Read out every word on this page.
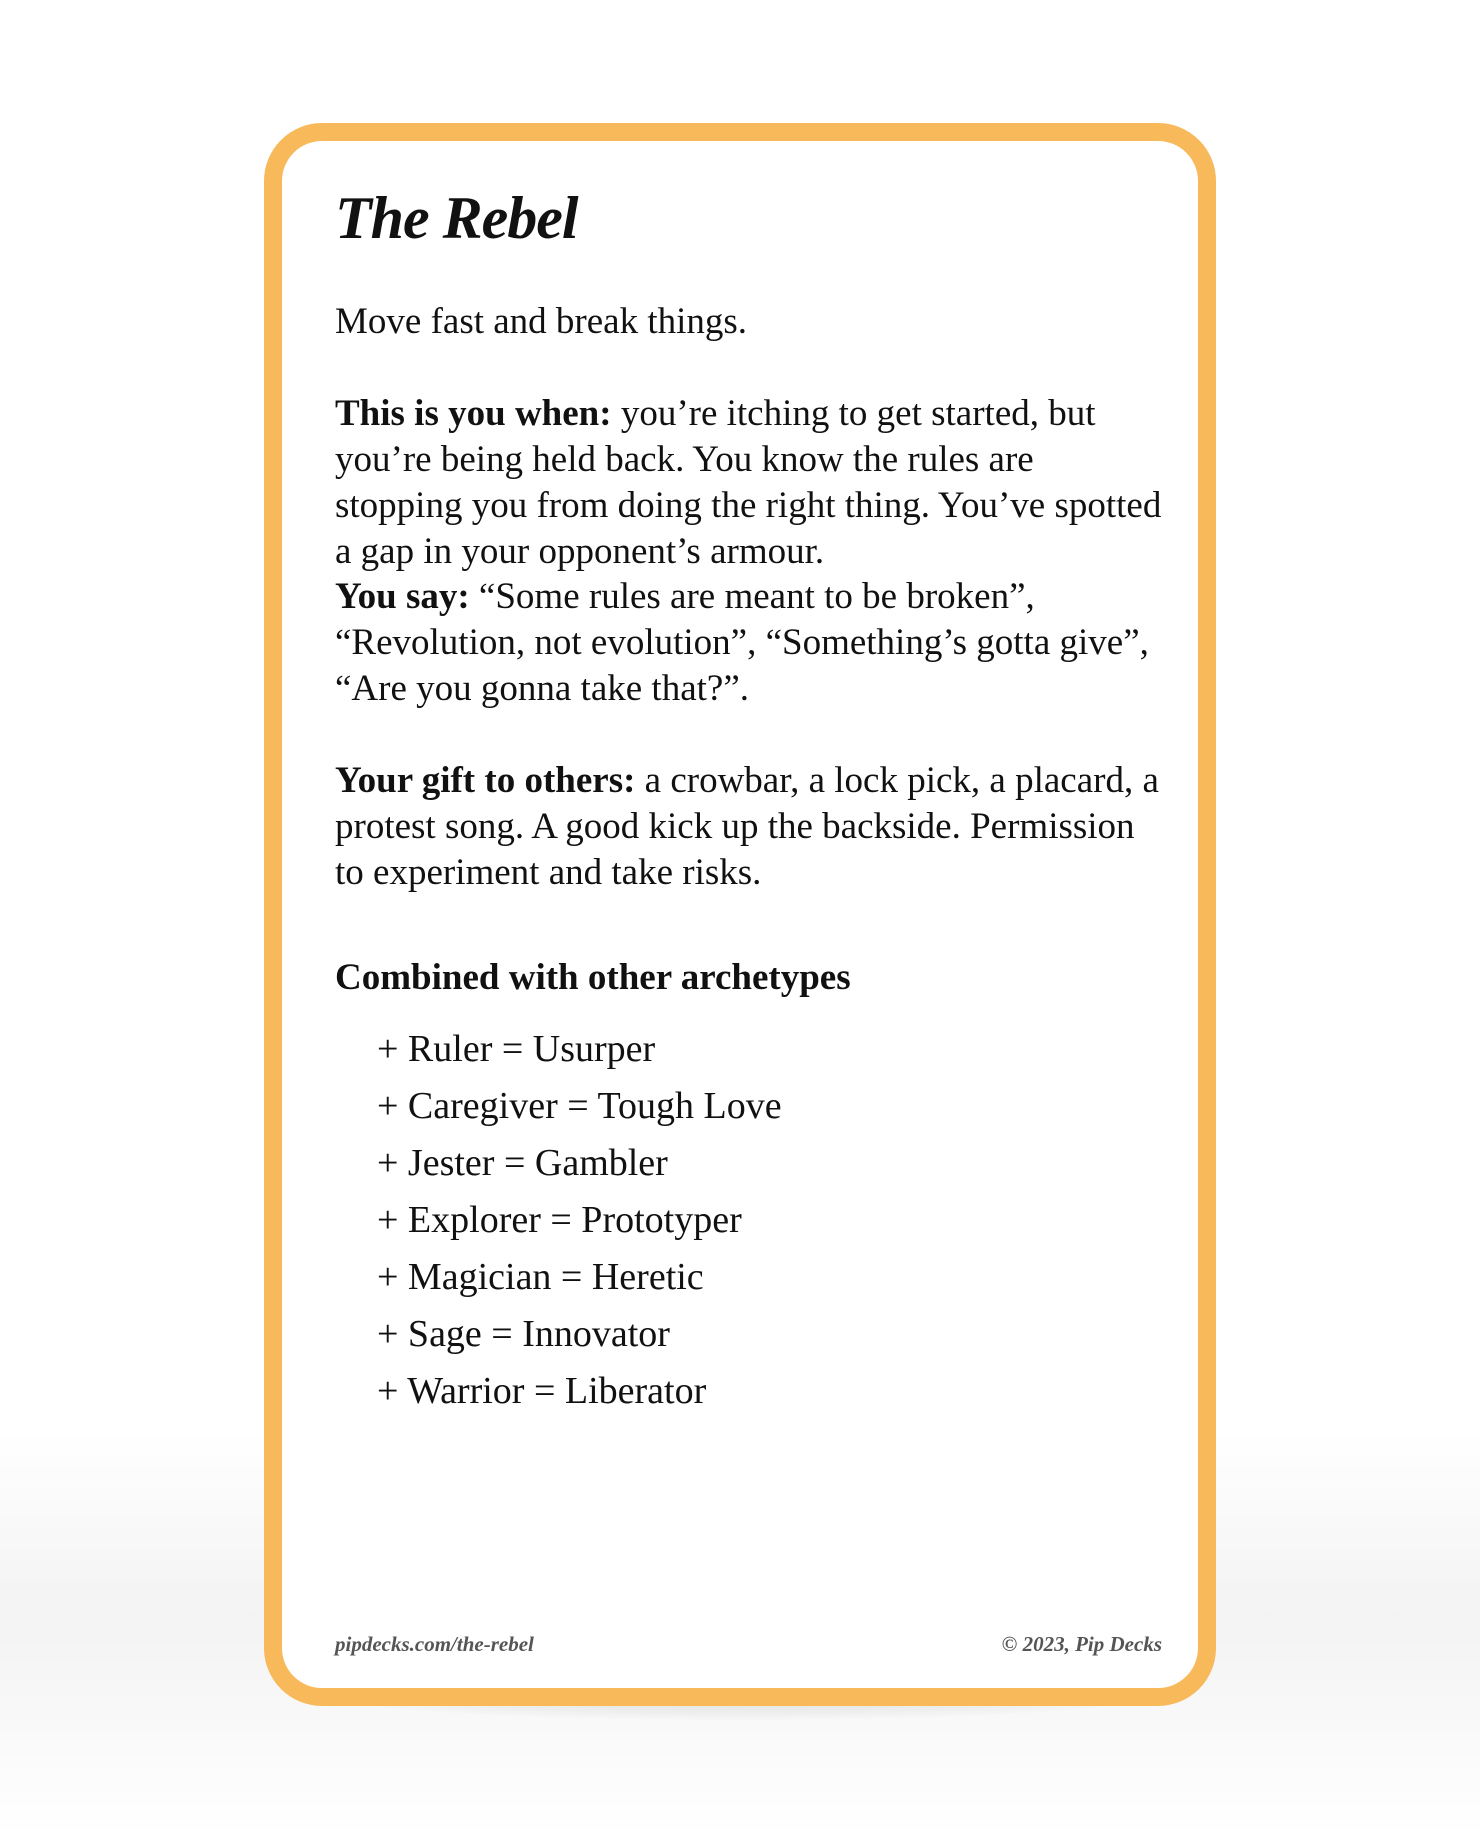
The Rebel

Move fast and break things.

This is you when: you’re itching to get started, but you’re being held back. You know the rules are stopping you from doing the right thing. You’ve spotted a gap in your opponent’s armour.

You say: “Some rules are meant to be broken”, “Revolution, not evolution”, “Something’s gotta give”, “Are you gonna take that?”.

Your gift to others: a crowbar, a lock pick, a placard, a protest song. A good kick up the backside. Permission to experiment and take risks.

Combined with other archetypes
+ Ruler = Usurper
+ Caregiver = Tough Love
+ Jester = Gambler
+ Explorer = Prototyper
+ Magician = Heretic
+ Sage = Innovator
+ Warrior = Liberator
pipdecks.com/the-rebel	© 2023, Pip Decks
